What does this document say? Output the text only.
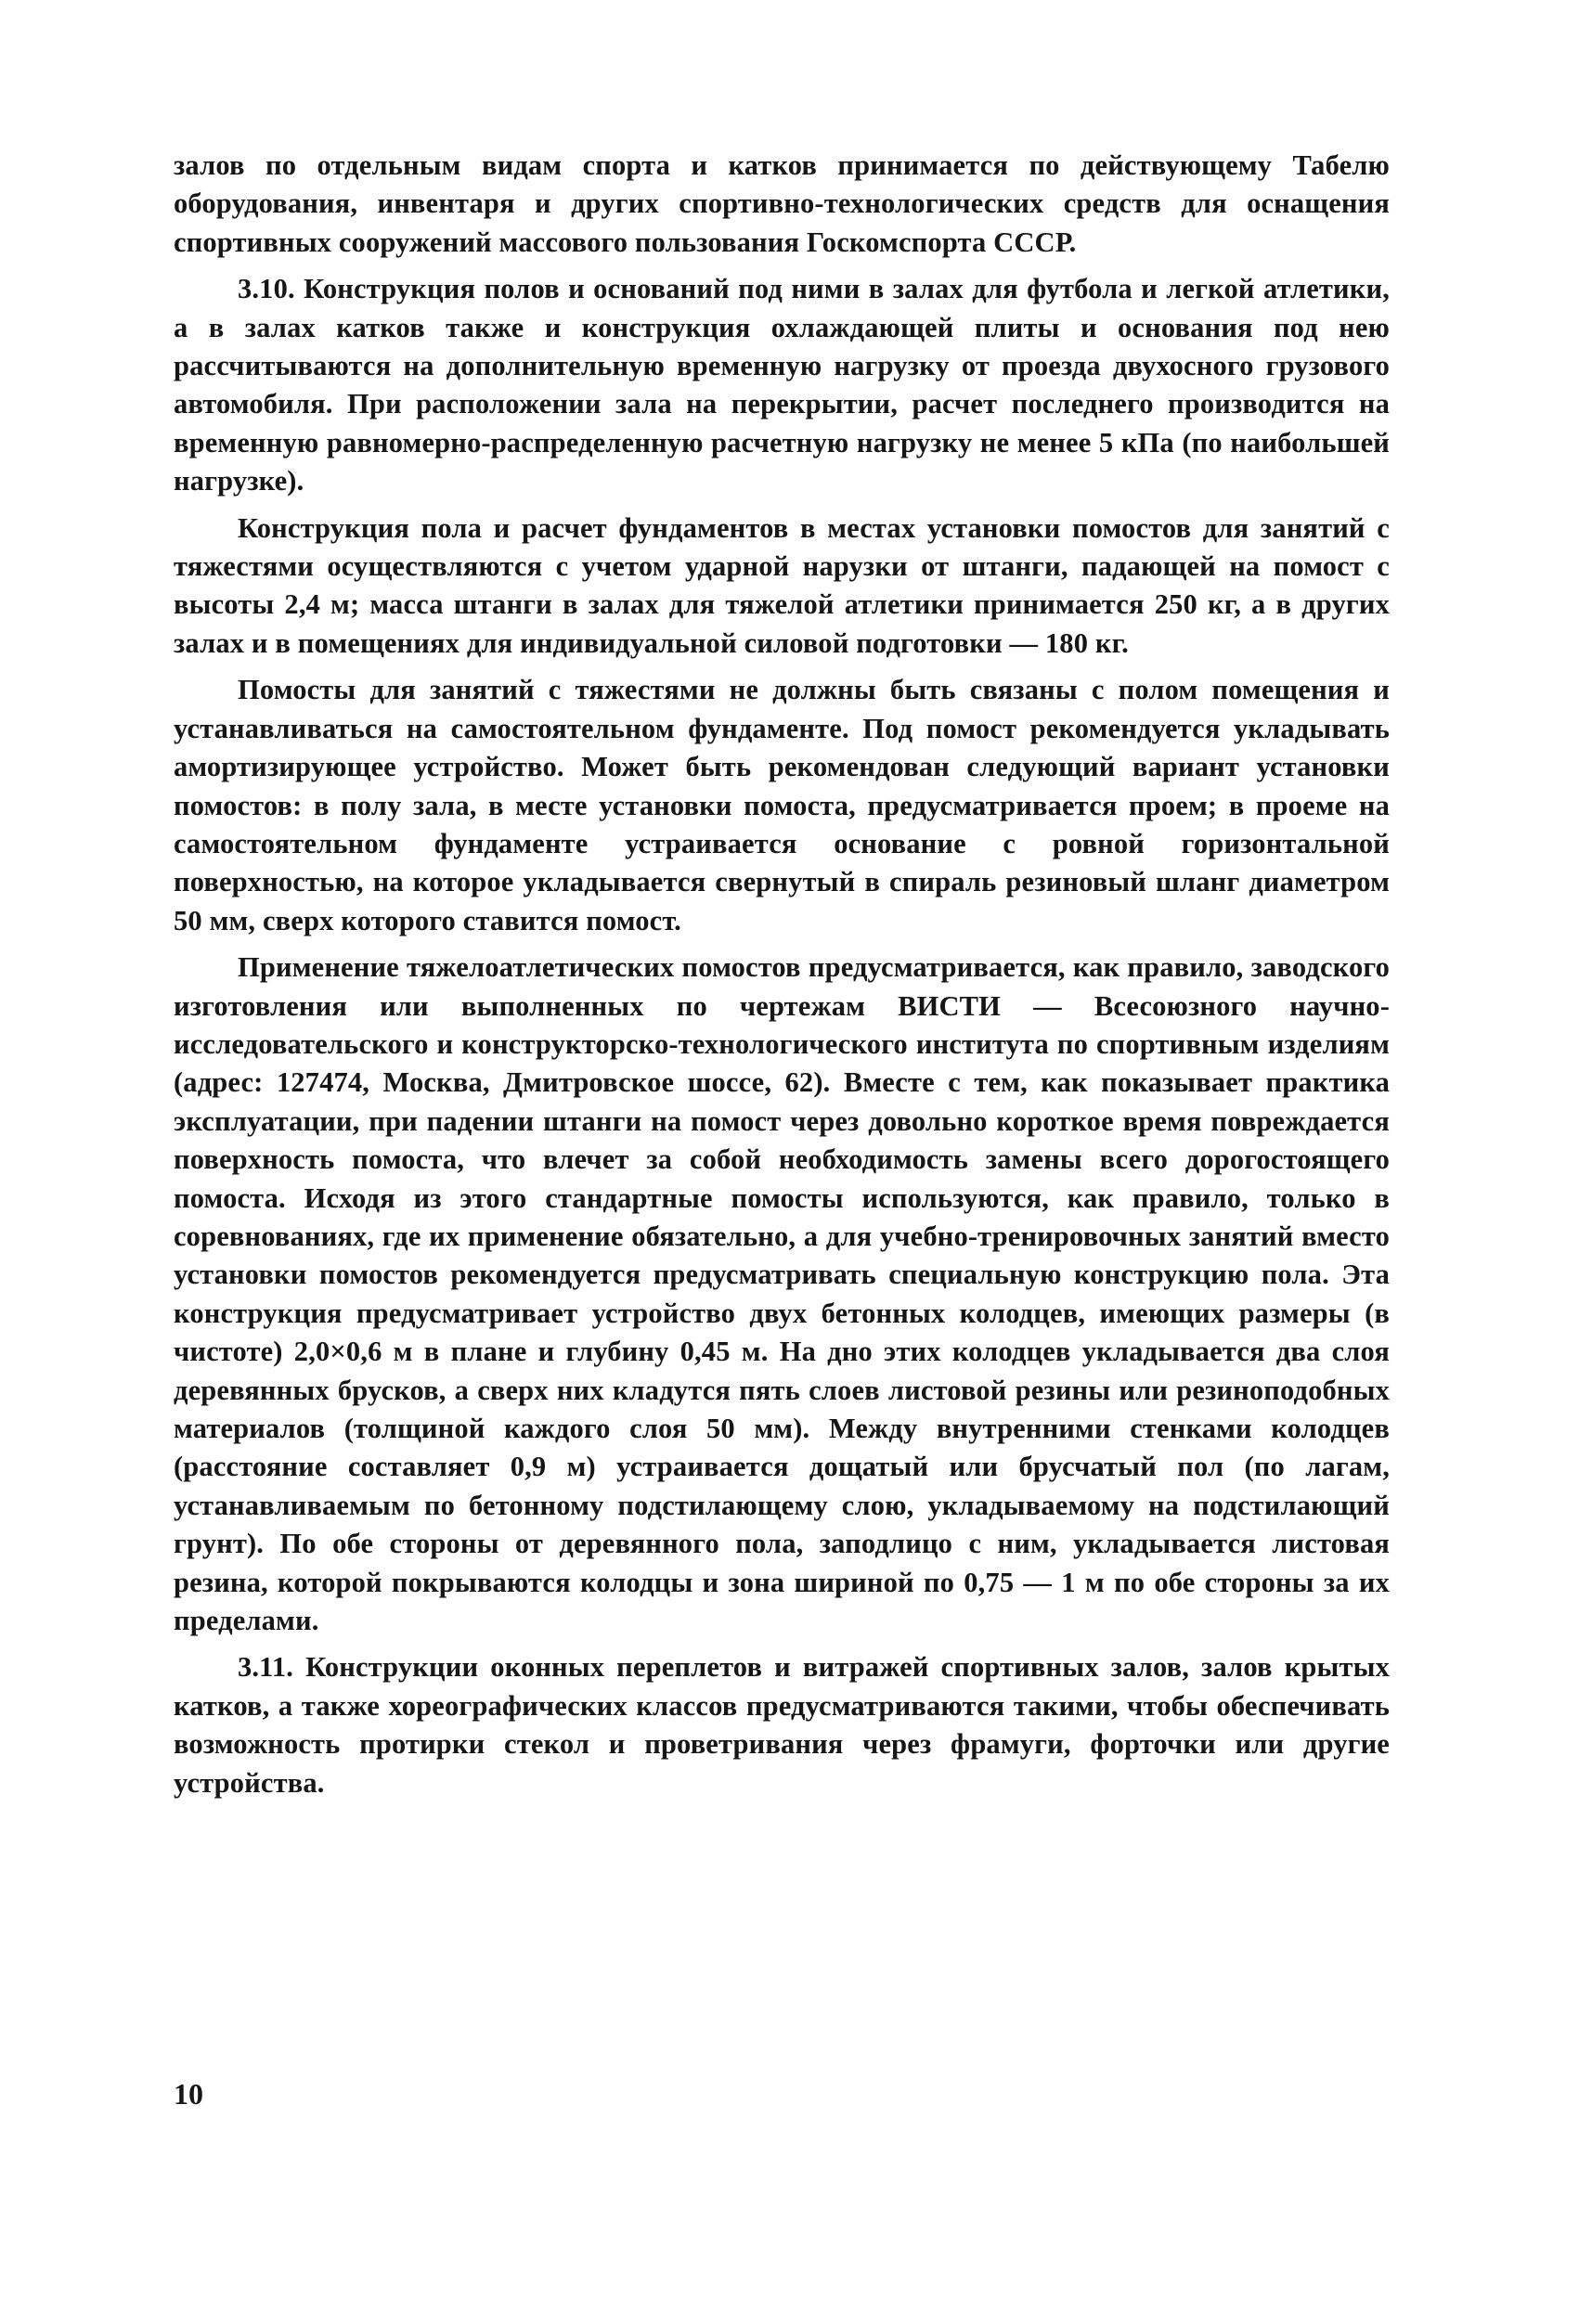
залов по отдельным видам спорта и катков принимается по действующему Табелю оборудования, инвентаря и других спортивно-технологических средств для оснащения спортивных сооружений массового пользования Госкомспорта СССР.

3.10. Конструкция полов и оснований под ними в залах для футбола и легкой атлетики, а в залах катков также и конструкция охлаждающей плиты и основания под нею рассчитываются на дополнительную временную нагрузку от проезда двухосного грузового автомобиля. При расположении зала на перекрытии, расчет последнего производится на временную равномерно-распределенную расчетную нагрузку не менее 5 кПа (по наибольшей нагрузке).

Конструкция пола и расчет фундаментов в местах установки помостов для занятий с тяжестями осуществляются с учетом ударной нарузки от штанги, падающей на помост с высоты 2,4 м; масса штанги в залах для тяжелой атлетики принимается 250 кг, а в других залах и в помещениях для индивидуальной силовой подготовки — 180 кг.

Помосты для занятий с тяжестями не должны быть связаны с полом помещения и устанавливаться на самостоятельном фундаменте. Под помост рекомендуется укладывать амортизирующее устройство. Может быть рекомендован следующий вариант установки помостов: в полу зала, в месте установки помоста, предусматривается проем; в проеме на самостоятельном фундаменте устраивается основание с ровной горизонтальной поверхностью, на которое укладывается свернутый в спираль резиновый шланг диаметром 50 мм, сверх которого ставится помост.

Применение тяжелоатлетических помостов предусматривается, как правило, заводского изготовления или выполненных по чертежам ВИСТИ — Всесоюзного научно-исследовательского и конструкторско-технологического института по спортивным изделиям (адрес: 127474, Москва, Дмитровское шоссе, 62). Вместе с тем, как показывает практика эксплуатации, при падении штанги на помост через довольно короткое время повреждается поверхность помоста, что влечет за собой необходимость замены всего дорогостоящего помоста. Исходя из этого стандартные помосты используются, как правило, только в соревнованиях, где их применение обязательно, а для учебно-тренировочных занятий вместо установки помостов рекомендуется предусматривать специальную конструкцию пола. Эта конструкция предусматривает устройство двух бетонных колодцев, имеющих размеры (в чистоте) 2,0×0,6 м в плане и глубину 0,45 м. На дно этих колодцев укладывается два слоя деревянных брусков, а сверх них кладутся пять слоев листовой резины или резиноподобных материалов (толщиной каждого слоя 50 мм). Между внутренними стенками колодцев (расстояние составляет 0,9 м) устраивается дощатый или брусчатый пол (по лагам, устанавливаемым по бетонному подстилающему слою, укладываемому на подстилающий грунт). По обе стороны от деревянного пола, заподлицо с ним, укладывается листовая резина, которой покрываются колодцы и зона шириной по 0,75 — 1 м по обе стороны за их пределами.

3.11. Конструкции оконных переплетов и витражей спортивных залов, залов крытых катков, а также хореографических классов предусматриваются такими, чтобы обеспечивать возможность протирки стекол и проветривания через фрамуги, форточки или другие устройства.

10
